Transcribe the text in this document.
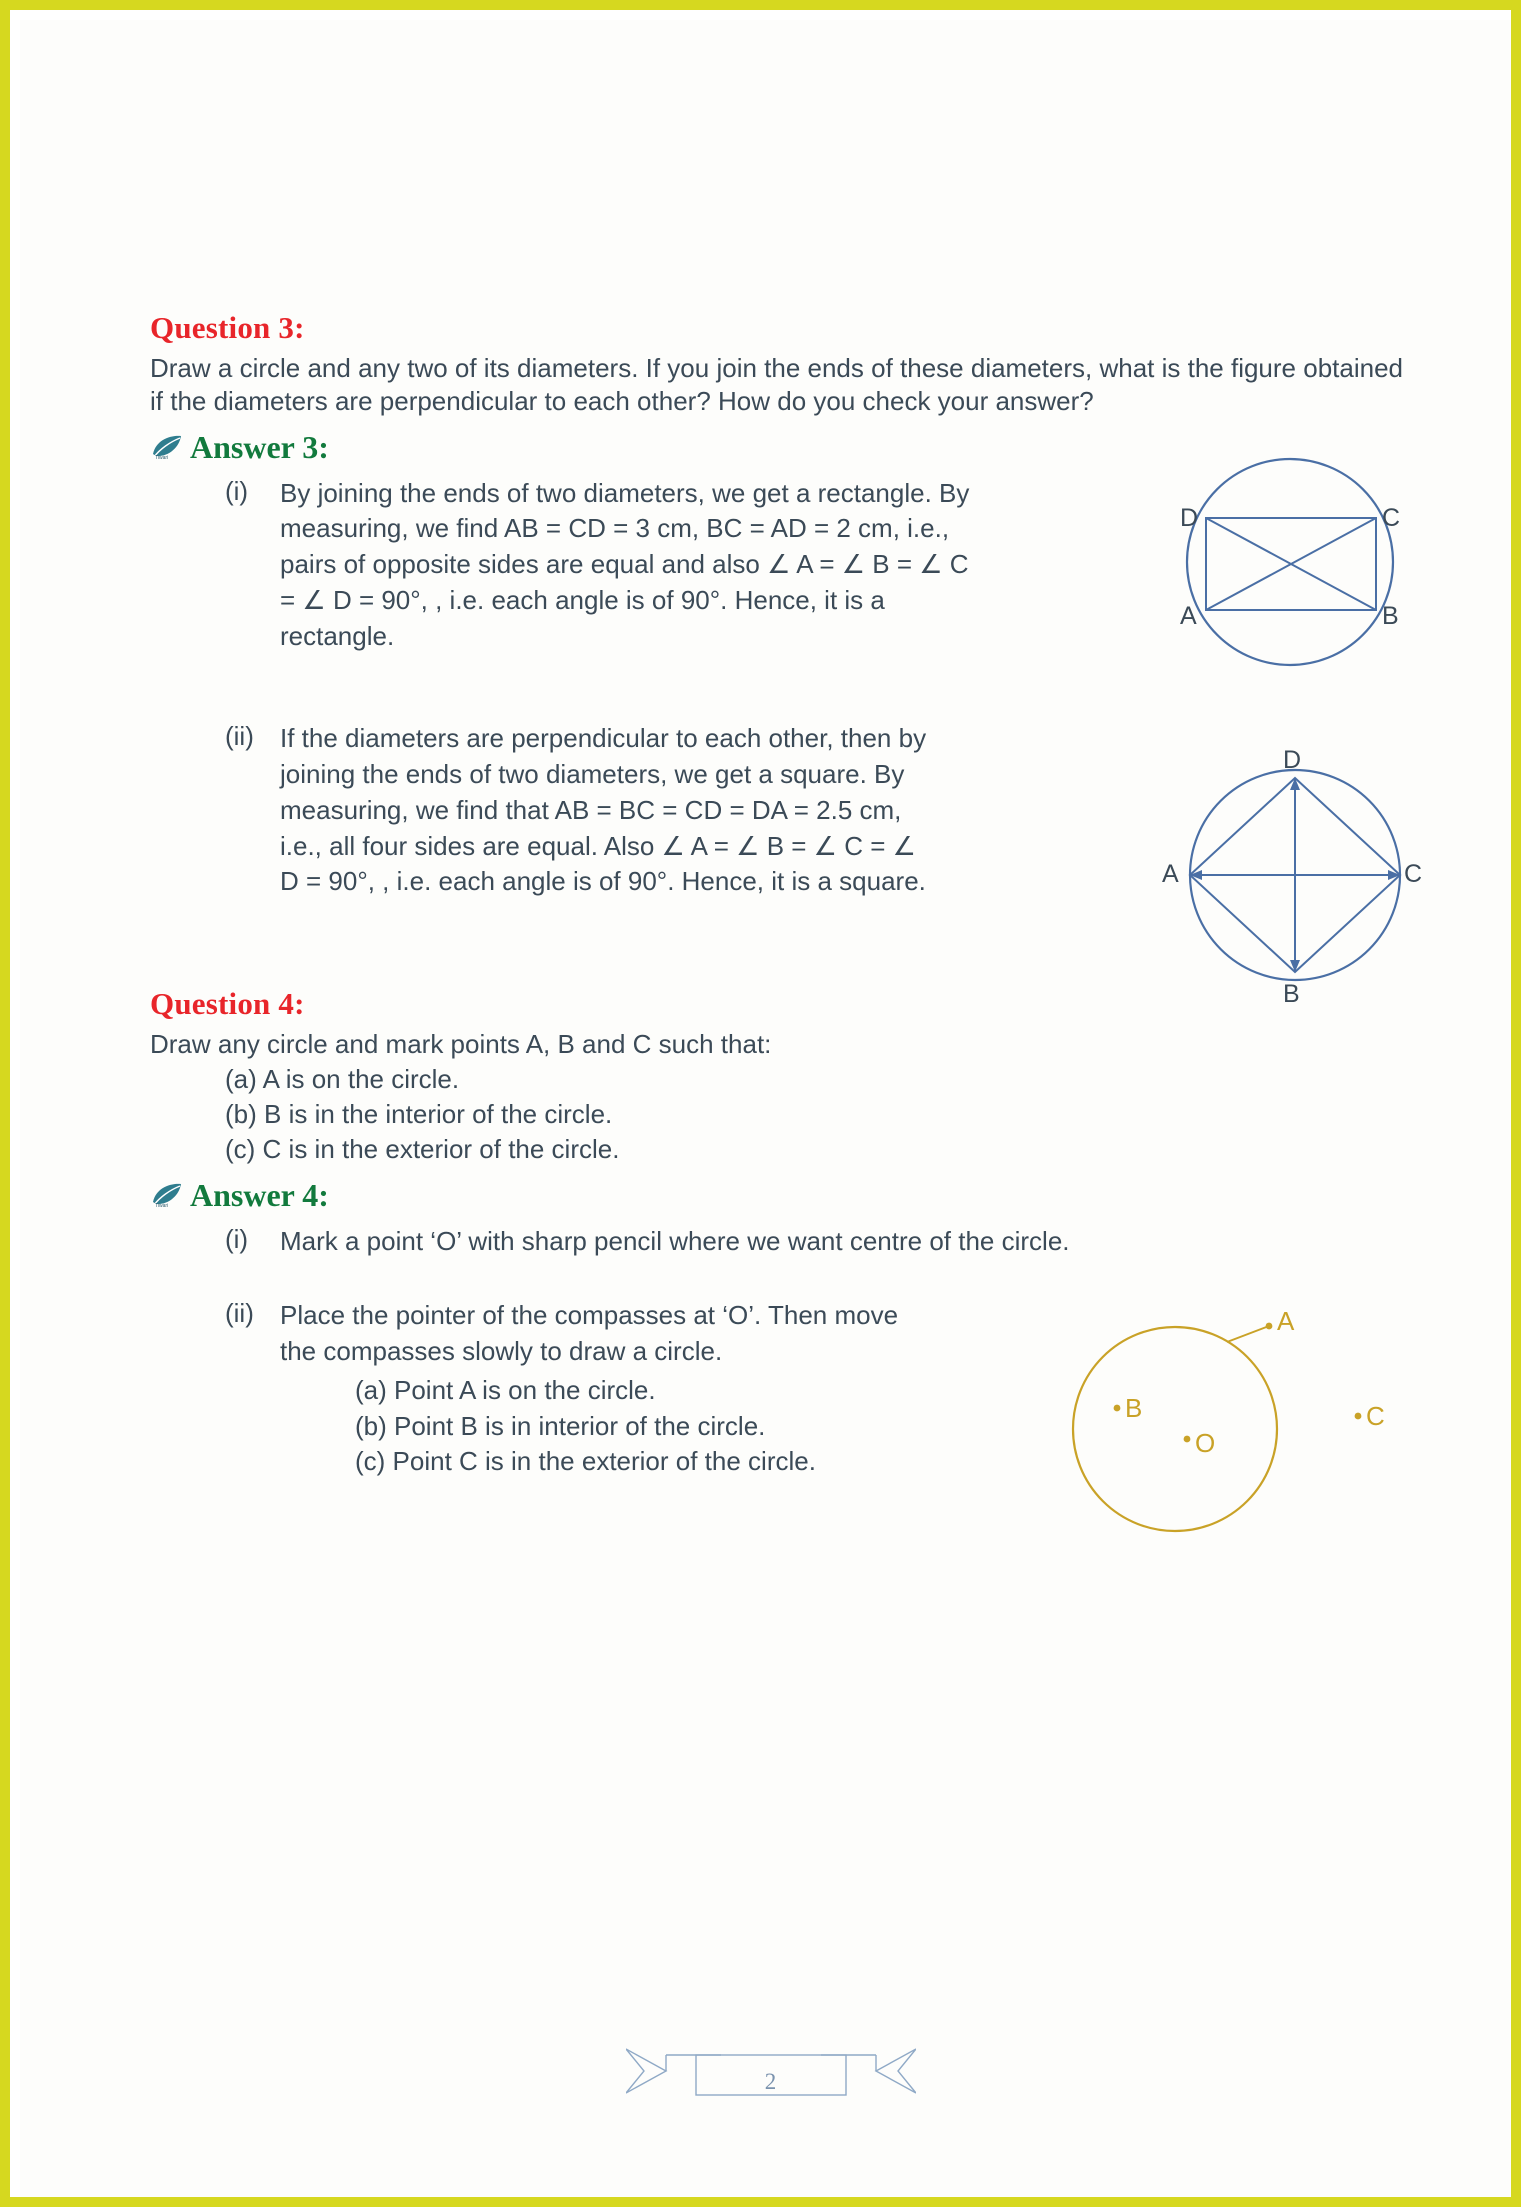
Question 3:
Draw a circle and any two of its diameters. If you join the ends of these diameters, what is the figure obtained if the diameters are perpendicular to each other? How do you check your answer?
Tiwari Answer 3:
(i)	By joining the ends of two diameters, we get a rectangle. By measuring, we find AB = CD = 3 cm, BC = AD = 2 cm, i.e., pairs of opposite sides are equal and also ∠ A = ∠ B = ∠ C = ∠ D = 90°, , i.e. each angle is of 90°. Hence, it is a rectangle.
D	C
A	B
(ii)	If the diameters are perpendicular to each other, then by joining the ends of two diameters, we get a square. By measuring, we find that AB = BC = CD = DA = 2.5 cm, i.e., all four sides are equal. Also ∠ A = ∠ B = ∠ C = ∠ D = 90°, , i.e. each angle is of 90°. Hence, it is a square.	A	C
D
B
Question 4:
Draw any circle and mark points A, B and C such that:
(a) A is on the circle.
(b) B is in the interior of the circle.
(c) C is in the exterior of the circle.
Tiwari Answer 4:
(i)	Mark a point ‘O’ with sharp pencil where we want centre of the circle.
(ii)	Place the pointer of the compasses at ‘O’. Then move the compasses slowly to draw a circle.
(a) Point A is on the circle.
(b) Point B is in interior of the circle.
(c) Point C is in the exterior of the circle.
A
B
O
C
2
